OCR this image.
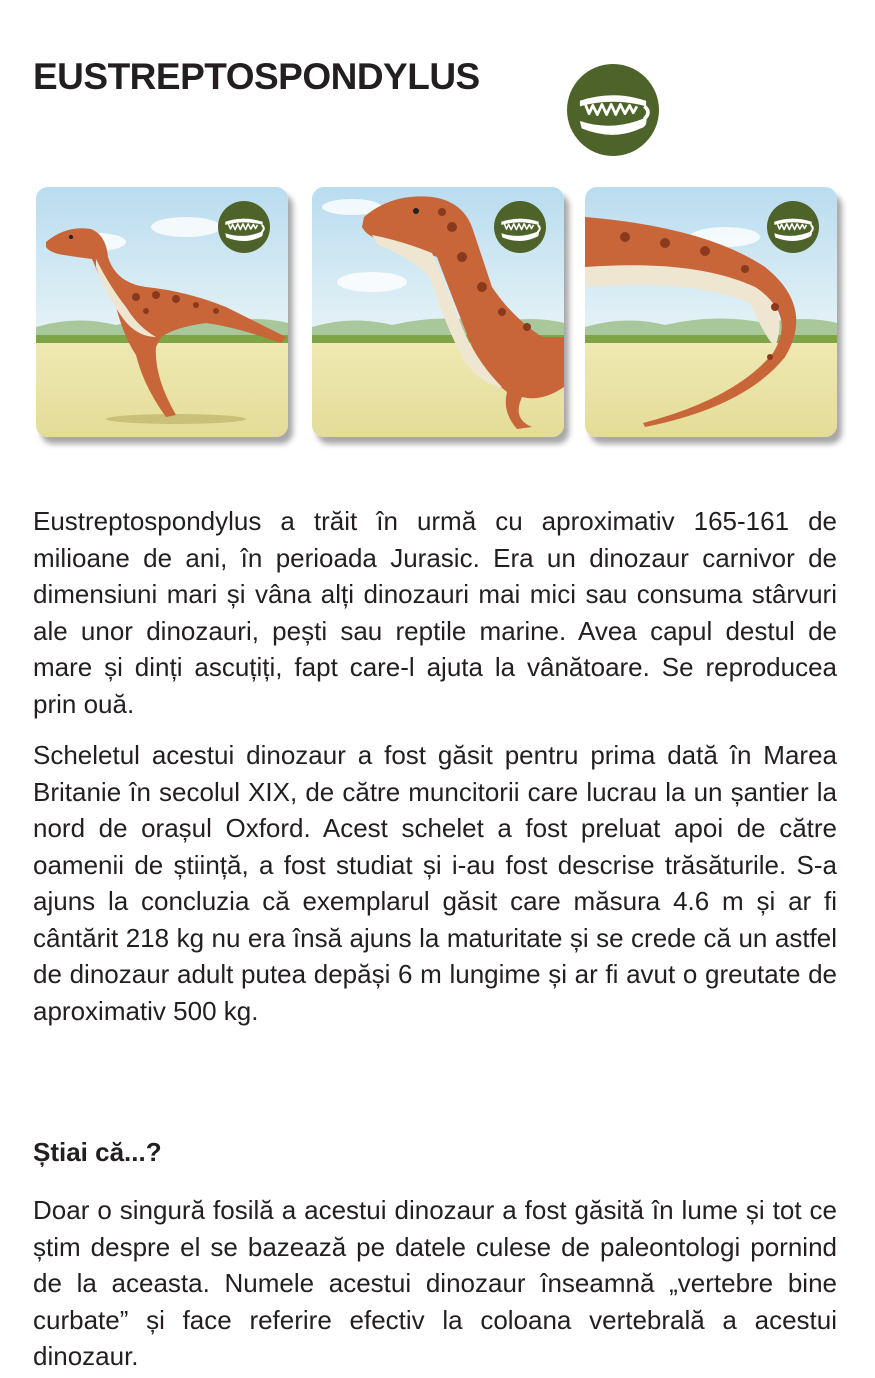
EUSTREPTOSPONDYLUS

Eustreptospondylus a trăit în urmă cu aproximativ 165-161 de milioane de ani, în perioada Jurasic. Era un dinozaur carnivor de dimensiuni mari și vâna alți dinozauri mai mici sau consuma stârvuri ale unor dinozauri, pești sau reptile marine. Avea capul destul de mare și dinți ascuțiți, fapt care-l ajuta la vânătoare. Se reproducea prin ouă.

Scheletul acestui dinozaur a fost găsit pentru prima dată în Marea Britanie în secolul XIX, de către muncitorii care lucrau la un șantier la nord de orașul Oxford. Acest schelet a fost preluat apoi de către oamenii de știință, a fost studiat și i-au fost descrise trăsăturile. S-a ajuns la concluzia că exemplarul găsit care măsura 4.6 m și ar fi cântărit 218 kg nu era însă ajuns la maturitate și se crede că un astfel de dinozaur adult putea depăși 6 m lungime și ar fi avut o greutate de aproximativ 500 kg.

Știai că...?

Doar o singură fosilă a acestui dinozaur a fost găsită în lume și tot ce știm despre el se bazează pe datele culese de paleontologi pornind de la aceasta. Numele acestui dinozaur înseamnă „vertebre bine curbate” și face referire efectiv la coloana vertebrală a acestui dinozaur.
